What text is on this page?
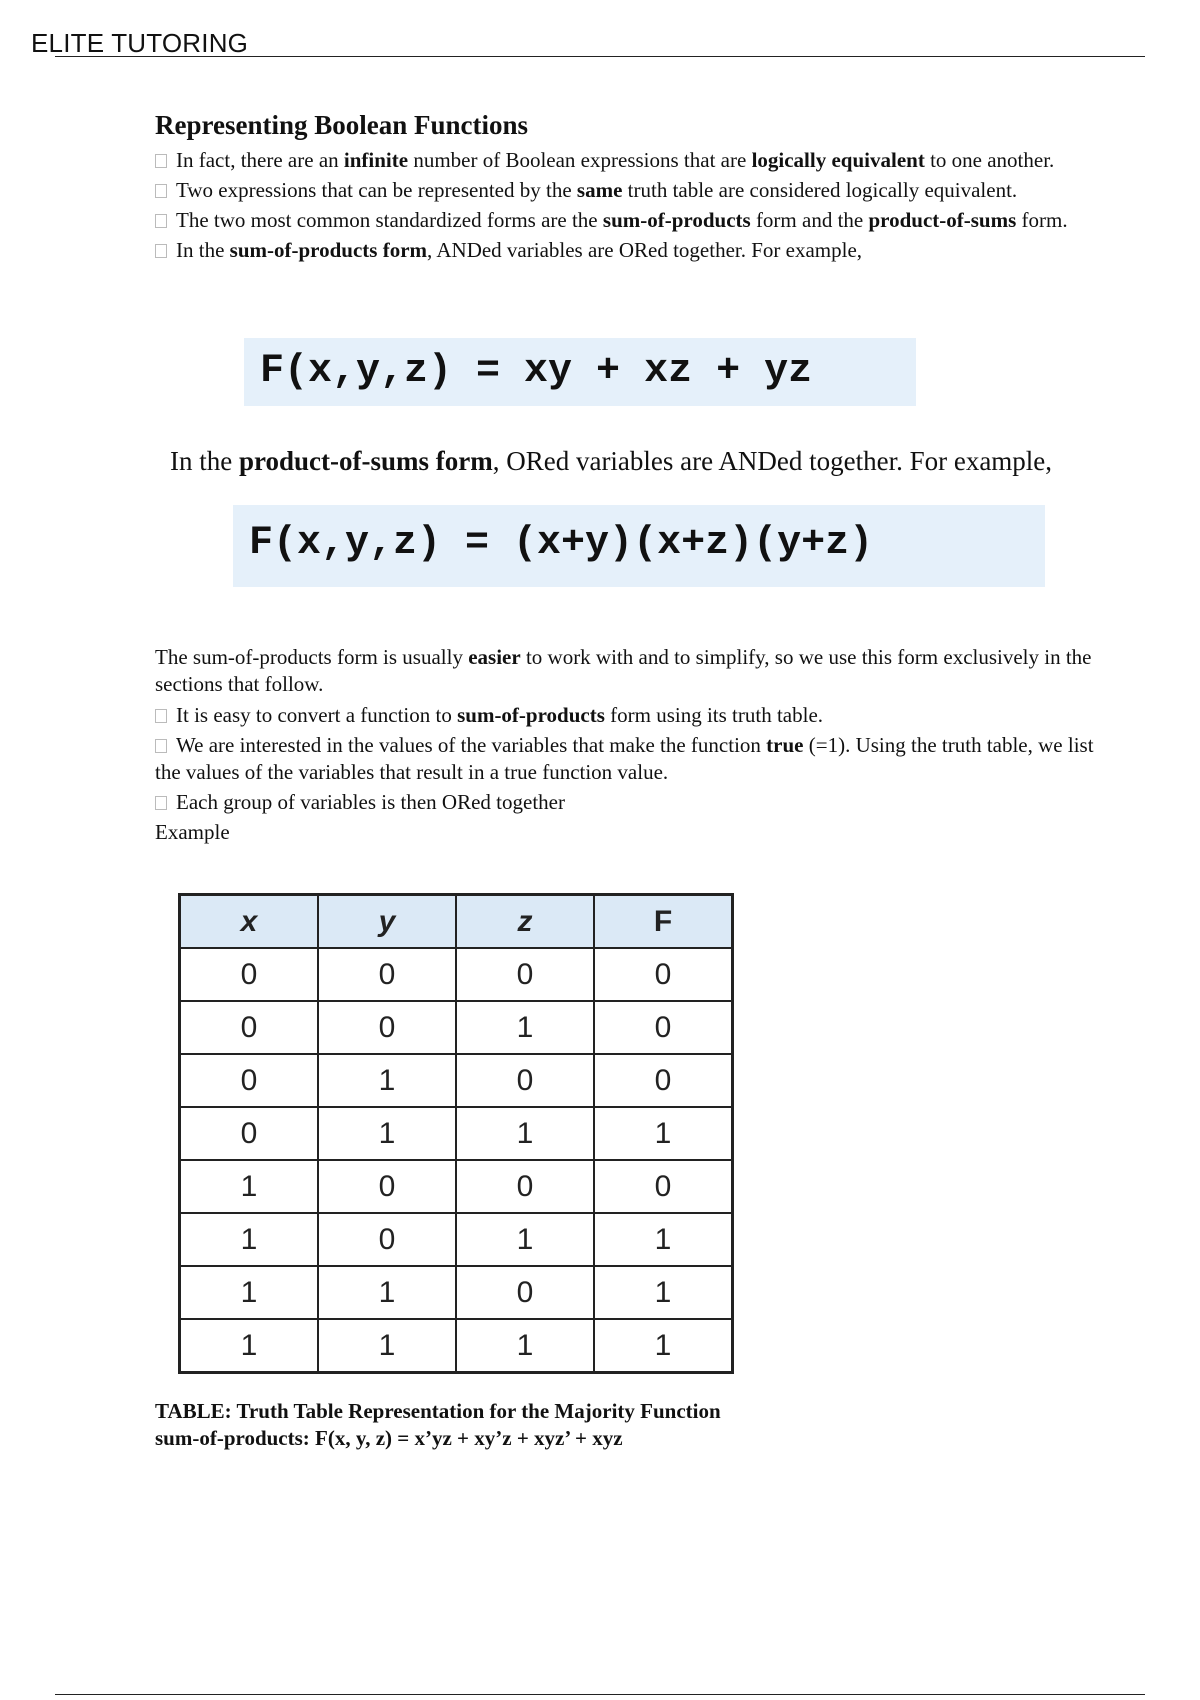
ELITE TUTORING
Representing Boolean Functions

In fact, there are an infinite number of Boolean expressions that are logically equivalent to one another.

Two expressions that can be represented by the same truth table are considered logically equivalent.

The two most common standardized forms are the sum-of-products form and the product-of-sums form.

In the sum-of-products form, ANDed variables are ORed together. For example,

F(x,y,z) = xy + xz + yz
In the product-of-sums form, ORed variables are ANDed together. For example,
F(x,y,z) = (x+y)(x+z)(y+z)

The sum-of-products form is usually easier to work with and to simplify, so we use this form exclusively in the sections that follow.

It is easy to convert a function to sum-of-products form using its truth table.

We are interested in the values of the variables that make the function true (=1). Using the truth table, we list the values of the variables that result in a true function value.

Each group of variables is then ORed together

Example

x	y	z	F
0	0	0	0
0	0	1	0
0	1	0	0
0	1	1	1
1	0	0	0
1	0	1	1
1	1	0	1
1	1	1	1
TABLE: Truth Table Representation for the Majority Function
sum-of-products: F(x, y, z) = x’yz + xy’z + xyz’ + xyz
